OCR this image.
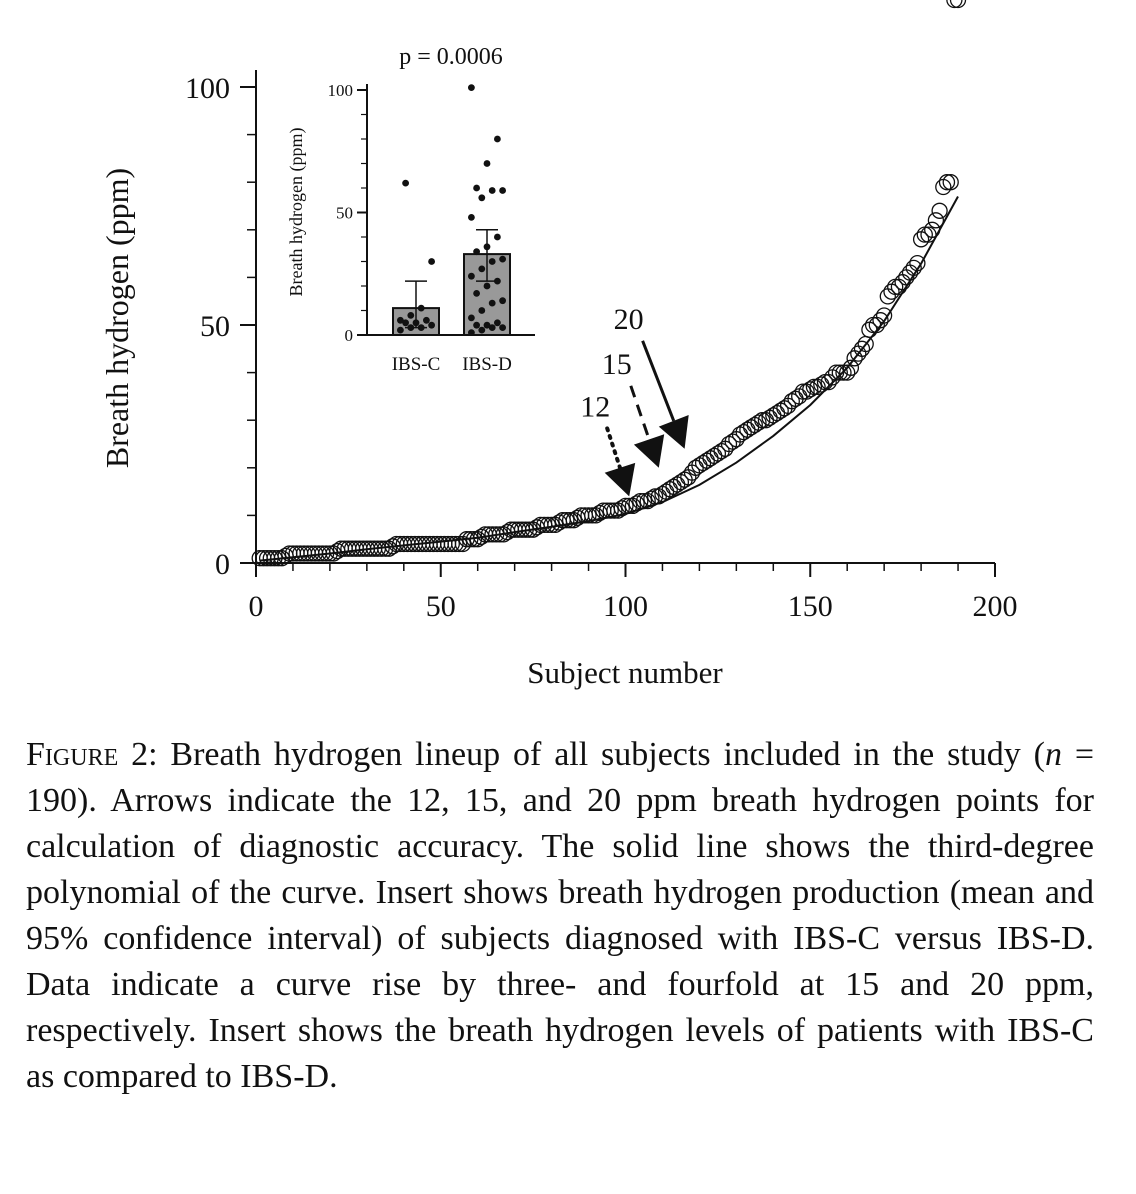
0
50
100
0	50	100	150	200
Subject number
Breath hydrogen (ppm)	12
15
20
p = 0.0006
IBS-C IBS-D
0
50
100
Breath hydrogen (ppm)
Figure 2: Breath hydrogen lineup of all subjects included in the study (n = 190). Arrows indicate the 12, 15, and 20 ppm breath hydrogen points for calculation of diagnostic accuracy. The solid line shows the third-degree polynomial of the curve. Insert shows breath hydrogen production (mean and 95% confidence interval) of subjects diagnosed with IBS-C versus IBS-D. Data indicate a curve rise by three- and fourfold at 15 and 20 ppm, respectively. Insert shows the breath hydrogen levels of patients with IBS-C as compared to IBS-D.
